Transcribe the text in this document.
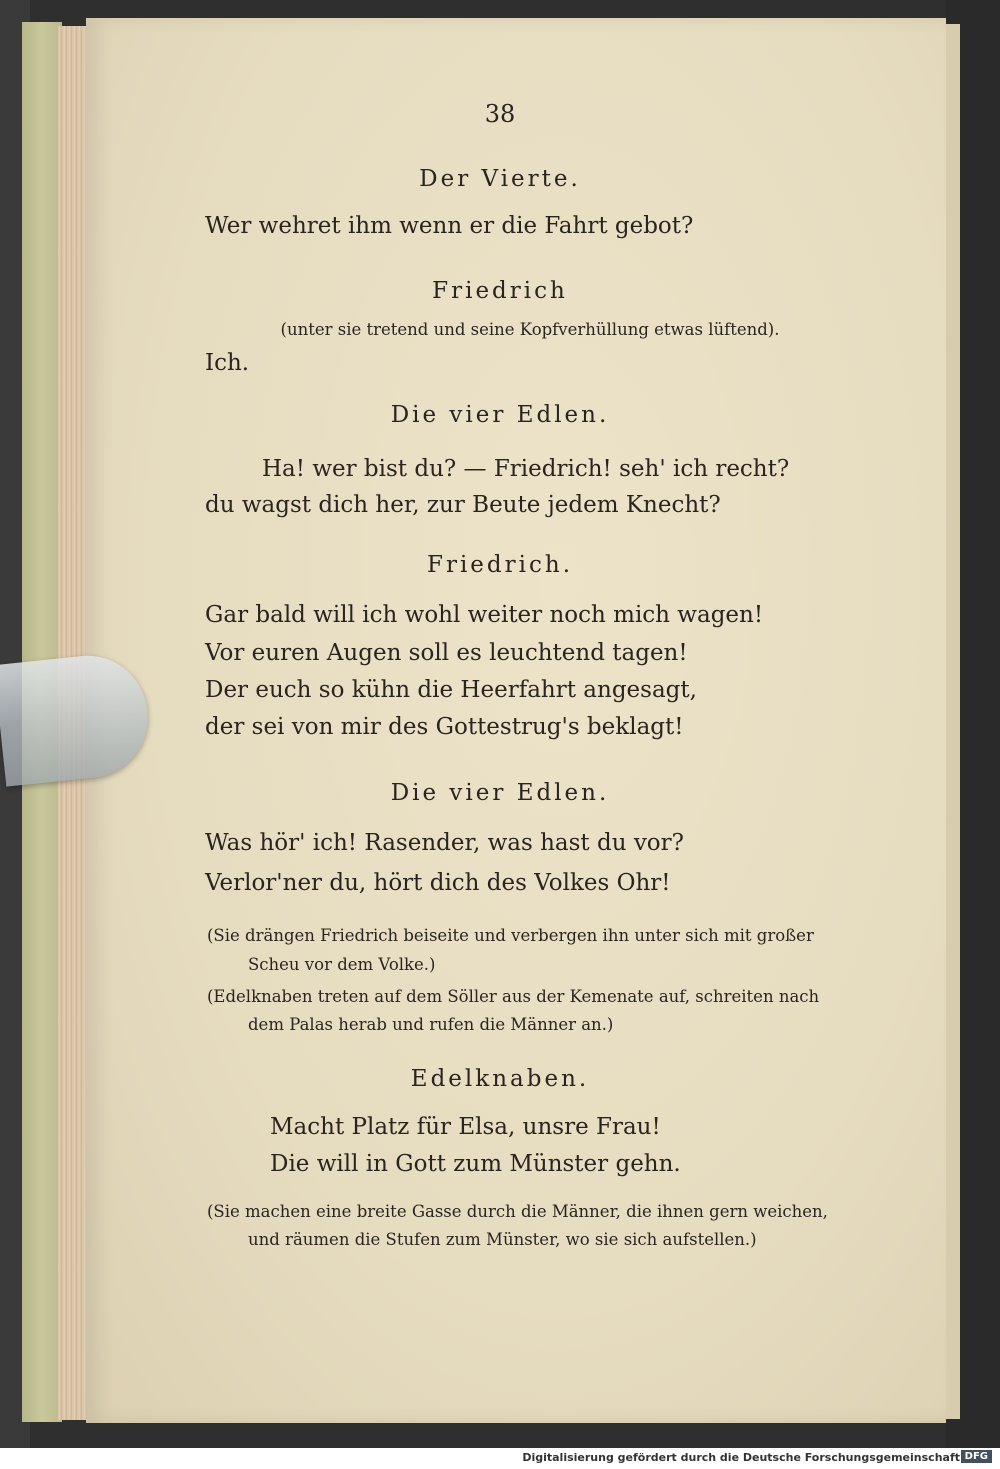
38
Der Vierte.
Wer wehret ihm wenn er die Fahrt gebot?
Friedrich
(unter sie tretend und seine Kopfverhüllung etwas lüftend).
Ich.
Die vier Edlen.
Ha! wer bist du? — Friedrich! seh' ich recht?
du wagst dich her, zur Beute jedem Knecht?
Friedrich.
Gar bald will ich wohl weiter noch mich wagen!
Vor euren Augen soll es leuchtend tagen!
Der euch so kühn die Heerfahrt angesagt,
der sei von mir des Gottestrug's beklagt!
Die vier Edlen.
Was hör' ich! Rasender, was hast du vor?
Verlor'ner du, hört dich des Volkes Ohr!
(Sie drängen Friedrich beiseite und verbergen ihn unter sich mit großer
Scheu vor dem Volke.)
(Edelknaben treten auf dem Söller aus der Kemenate auf, schreiten nach
dem Palas herab und rufen die Männer an.)
Edelknaben.
Macht Platz für Elsa, unsre Frau!
Die will in Gott zum Münster gehn.
(Sie machen eine breite Gasse durch die Männer, die ihnen gern weichen,
und räumen die Stufen zum Münster, wo sie sich aufstellen.)
Digitalisierung gefördert durch die Deutsche Forschungsgemeinschaft DFG
